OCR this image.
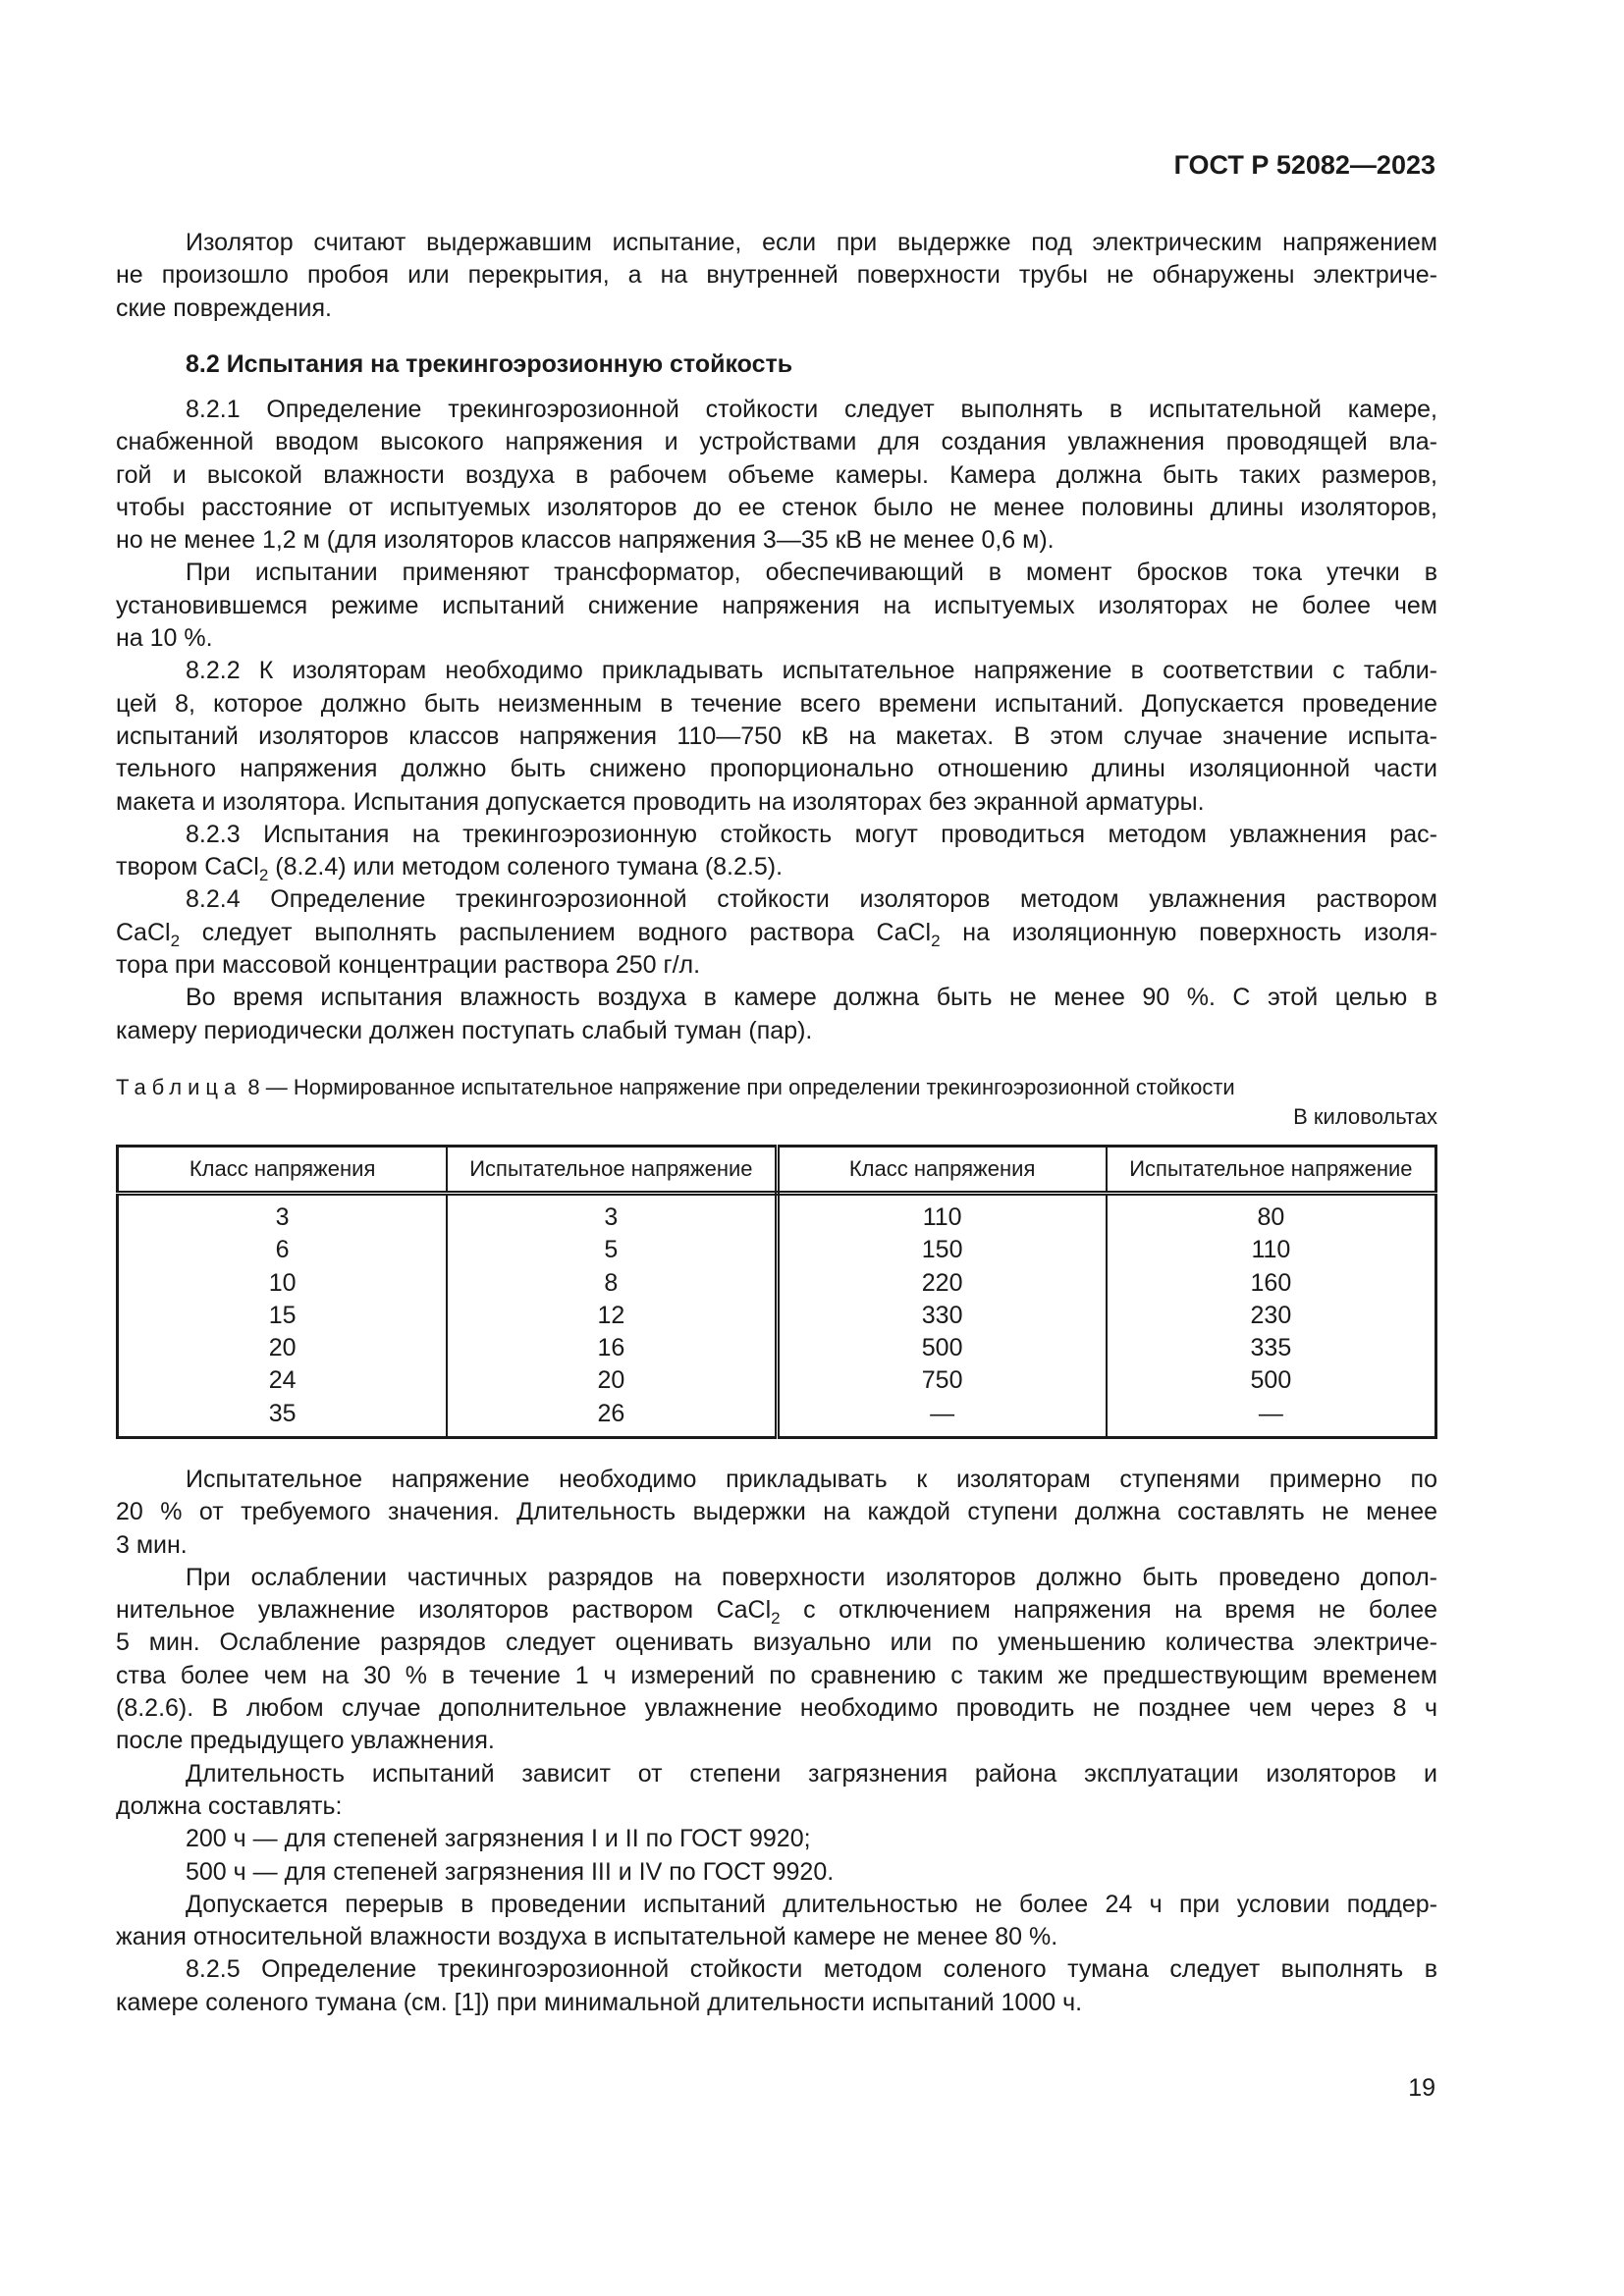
ГОСТ Р 52082—2023
Изолятор считают выдержавшим испытание, если при выдержке под электрическим напряжением
не произошло пробоя или перекрытия, а на внутренней поверхности трубы не обнаружены электриче-
ские повреждения.
8.2 Испытания на трекингоэрозионную стойкость
8.2.1 Определение трекингоэрозионной стойкости следует выполнять в испытательной камере,
снабженной вводом высокого напряжения и устройствами для создания увлажнения проводящей вла-
гой и высокой влажности воздуха в рабочем объеме камеры. Камера должна быть таких размеров,
чтобы расстояние от испытуемых изоляторов до ее стенок было не менее половины длины изоляторов,
но не менее 1,2 м (для изоляторов классов напряжения 3—35 кВ не менее 0,6 м).
При испытании применяют трансформатор, обеспечивающий в момент бросков тока утечки в
установившемся режиме испытаний снижение напряжения на испытуемых изоляторах не более чем
на 10 %.
8.2.2 К изоляторам необходимо прикладывать испытательное напряжение в соответствии с табли-
цей 8, которое должно быть неизменным в течение всего времени испытаний. Допускается проведение
испытаний изоляторов классов напряжения 110—750 кВ на макетах. В этом случае значение испыта-
тельного напряжения должно быть снижено пропорционально отношению длины изоляционной части
макета и изолятора. Испытания допускается проводить на изоляторах без экранной арматуры.
8.2.3 Испытания на трекингоэрозионную стойкость могут проводиться методом увлажнения рас-
твором CaCl$_2$ (8.2.4) или методом соленого тумана (8.2.5).
8.2.4 Определение трекингоэрозионной стойкости изоляторов методом увлажнения раствором
CaCl$_2$ следует выполнять распылением водного раствора CaCl$_2$ на изоляционную поверхность изоля-
тора при массовой концентрации раствора 250 г/л.
Во время испытания влажность воздуха в камере должна быть не менее 90 %. С этой целью в
камеру периодически должен поступать слабый туман (пар).
Таблица 8 — Нормированное испытательное напряжение при определении трекингоэрозионной стойкости
В киловольтах
Класс напряжения	Испытательное напряжение	Класс напряжения	Испытательное напряжение
3	3	110	80
6	5	150	110
10	8	220	160
15	12	330	230
20	16	500	335
24	20	750	500
35	26	—	—
Испытательное напряжение необходимо прикладывать к изоляторам ступенями примерно по
20 % от требуемого значения. Длительность выдержки на каждой ступени должна составлять не менее
3 мин.
При ослаблении частичных разрядов на поверхности изоляторов должно быть проведено допол-
нительное увлажнение изоляторов раствором CaCl$_2$ с отключением напряжения на время не более
5 мин. Ослабление разрядов следует оценивать визуально или по уменьшению количества электриче-
ства более чем на 30 % в течение 1 ч измерений по сравнению с таким же предшествующим временем
(8.2.6). В любом случае дополнительное увлажнение необходимо проводить не позднее чем через 8 ч
после предыдущего увлажнения.
Длительность испытаний зависит от степени загрязнения района эксплуатации изоляторов и
должна составлять:
200 ч — для степеней загрязнения I и II по ГОСТ 9920;
500 ч — для степеней загрязнения III и IV по ГОСТ 9920.
Допускается перерыв в проведении испытаний длительностью не более 24 ч при условии поддер-
жания относительной влажности воздуха в испытательной камере не менее 80 %.
8.2.5 Определение трекингоэрозионной стойкости методом соленого тумана следует выполнять в
камере соленого тумана (см. [1]) при минимальной длительности испытаний 1000 ч.
19
